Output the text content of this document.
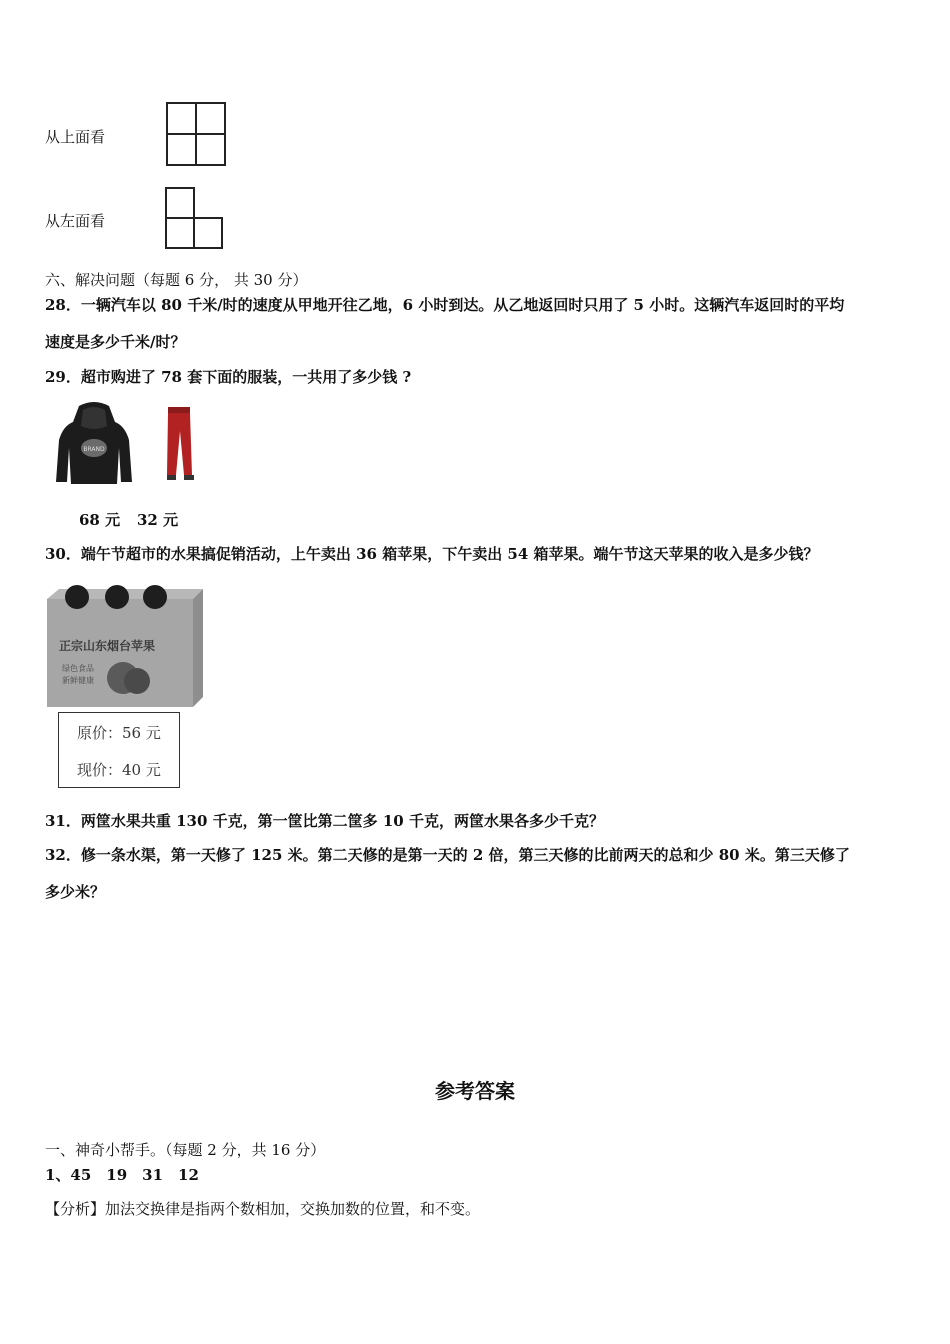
从上面看
从左面看
六、解决问题（每题 6 分， 共 30 分）
28．一辆汽车以 80 千米/时的速度从甲地开往乙地，6 小时到达。从乙地返回时只用了 5 小时。这辆汽车返回时的平均
速度是多少千米/时？
29．超市购进了 78 套下面的服装，一共用了多少钱 ?
BRAND
68 元 32 元
30．端午节超市的水果搞促销活动，上午卖出 36 箱苹果，下午卖出 54 箱苹果。端午节这天苹果的收入是多少钱？
正宗山东烟台苹果
绿色食品
新鲜健康
原价：56 元
现价：40 元
31．两筐水果共重 130 千克，第一筐比第二筐多 10 千克，两筐水果各多少千克？
32．修一条水渠，第一天修了 125 米。第二天修的是第一天的 2 倍，第三天修的比前两天的总和少 80 米。第三天修了
多少米？
参考答案
一、神奇小帮手。（每题 2 分，共 16 分）
1、45　19　31　12
【分析】加法交换律是指两个数相加，交换加数的位置，和不变。
